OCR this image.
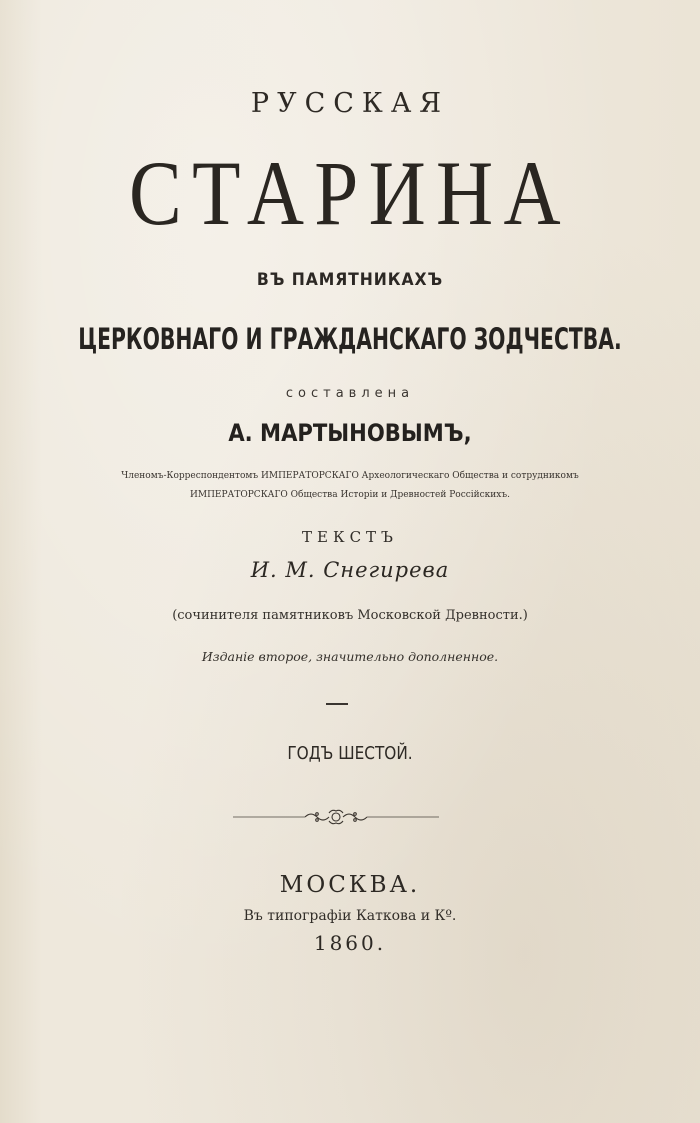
РУССКАЯ
СТАРИНА
ВЪ ПАМЯТНИКАХЪ
ЦЕРКОВНАГО И ГРАЖДАНСКАГО ЗОДЧЕСТВА.
составлена
А. МАРТЫНОВЫМЪ,
Членомъ-Корреспондентомъ ИМПЕРАТОРСКАГО Археологическаго Общества и сотрудникомъ
ИМПЕРАТОРСКАГО Общества Исторіи и Древностей Россійскихъ.
ТЕКСТЪ
И. М. Снегирева
(сочинителя памятниковъ Московской Древности.)
Изданіе второе, значительно дополненное.
ГОДЪ ШЕСТОЙ.
МОСКВА.
Въ типографіи Каткова и Кº.
1860.
